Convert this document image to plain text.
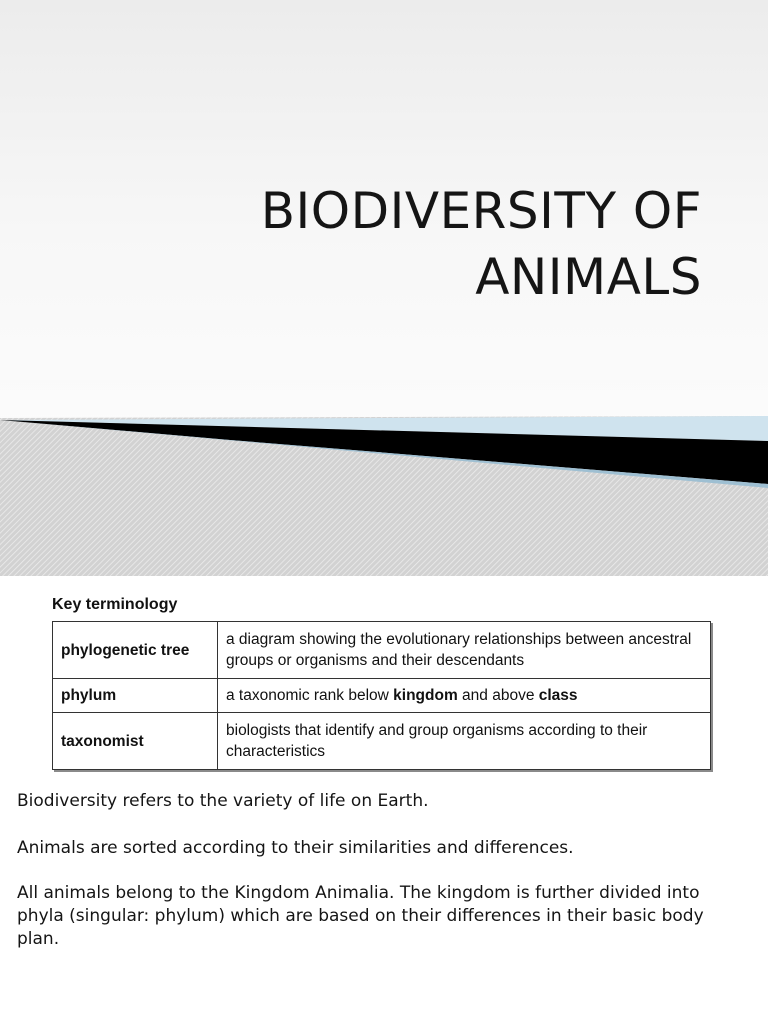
BIODIVERSITY OF
ANIMALS
Key terminology
phylogenetic tree	a diagram showing the evolutionary relationships between ancestral groups or organisms and their descendants
phylum	a taxonomic rank below kingdom and above class
taxonomist	biologists that identify and group organisms according to their characteristics

Biodiversity refers to the variety of life on Earth.

Animals are sorted according to their similarities and differences.

All animals belong to the Kingdom Animalia. The kingdom is further divided into phyla (singular: phylum) which are based on their differences in their basic body plan.
